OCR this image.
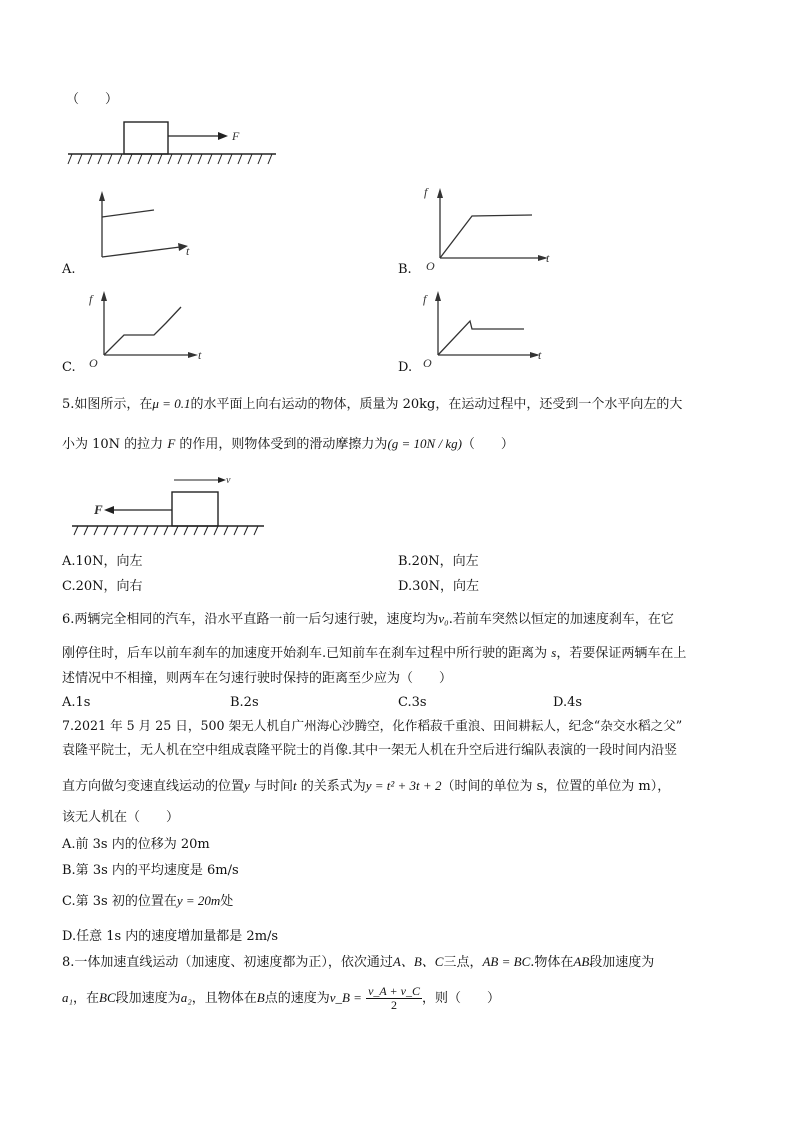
（　　）
F
A.
t
B.
f
O
t
C.
f
O
t
D.
f
O
t
5.如图所示，在μ = 0.1的水平面上向右运动的物体，质量为 20kg，在运动过程中，还受到一个水平向左的大
小为 10N 的拉力 F 的作用，则物体受到的滑动摩擦力为(g = 10N / kg)（　　）
v
F
A.10N，向左	B.20N，向左
C.20N，向右	D.30N，向左
6.两辆完全相同的汽车，沿水平直路一前一后匀速行驶，速度均为v₀.若前车突然以恒定的加速度刹车，在它
刚停住时，后车以前车刹车的加速度开始刹车.已知前车在刹车过程中所行驶的距离为 s，若要保证两辆车在上
述情况中不相撞，则两车在匀速行驶时保持的距离至少应为（　　）
A.1s	B.2s	C.3s	D.4s
7.2021 年 5 月 25 日，500 架无人机自广州海心沙腾空，化作稻菽千重浪、田间耕耘人，纪念“杂交水稻之父”
袁隆平院士，无人机在空中组成袁隆平院士的肖像.其中一架无人机在升空后进行编队表演的一段时间内沿竖
直方向做匀变速直线运动的位置y 与时间t 的关系式为y = t² + 3t + 2（时间的单位为 s，位置的单位为 m），
该无人机在（　　）
A.前 3s 内的位移为 20m
B.第 3s 内的平均速度是 6m/s
C.第 3s 初的位置在y = 20m处
D.任意 1s 内的速度增加量都是 2m/s
8.一体加速直线运动（加速度、初速度都为正），依次通过A、B、C三点，AB = BC.物体在AB段加速度为
a₁，在BC段加速度为a₂，且物体在B点的速度为v_B = $\frac{v\_A + v\_C}{2}$ ，则（　　）
